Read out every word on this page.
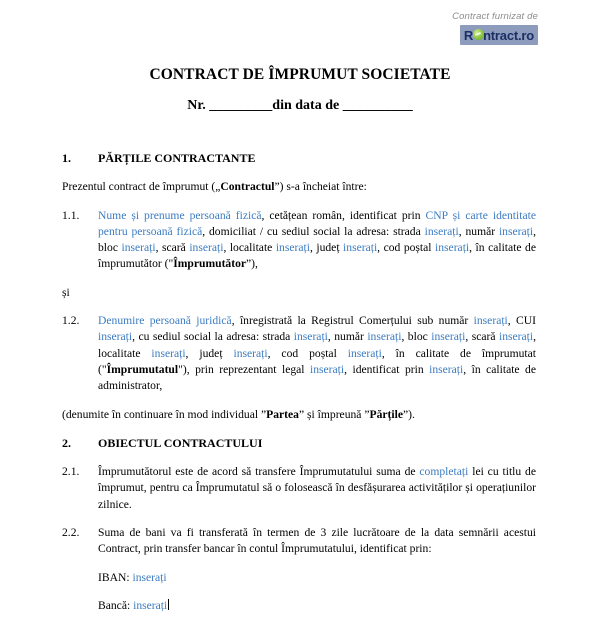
Contract furnizat de
R ntract.ro
CONTRACT DE ÎMPRUMUT SOCIETATE
Nr. _________din data de __________
1.	PĂRȚILE CONTRACTANTE
Prezentul contract de împrumut („Contractul”) s-a încheiat între:
1.1.	Nume și prenume persoană fizică, cetățean român, identificat prin CNP și carte identitate pentru persoană fizică, domiciliat / cu sediul social la adresa: strada inserați, număr inserați, bloc inserați, scară inserați, localitate inserați, județ inserați, cod poștal inserați, în calitate de împrumutător ("Împrumutător”),
și
1.2.	Denumire persoană juridică, înregistrată la Registrul Comerțului sub număr inserați, CUI inserați, cu sediul social la adresa: strada inserați, număr inserați, bloc inserați, scară inserați, localitate inserați, județ inserați, cod poștal inserați, în calitate de împrumutat ("Împrumutatul"), prin reprezentant legal inserați, identificat prin inserați, în calitate de administrator,
(denumite în continuare în mod individual ”Partea” și împreună ”Părțile”).
2.	OBIECTUL CONTRACTULUI
2.1.	Împrumutătorul este de acord să transfere Împrumutatului suma de completați lei cu titlu de împrumut, pentru ca Împrumutatul să o folosească în desfășurarea activităților și operațiunilor zilnice.
2.2.	Suma de bani va fi transferată în termen de 3 zile lucrătoare de la data semnării acestui Contract, prin transfer bancar în contul Împrumutatului, identificat prin:
IBAN: inserați
Bancă: inserați
